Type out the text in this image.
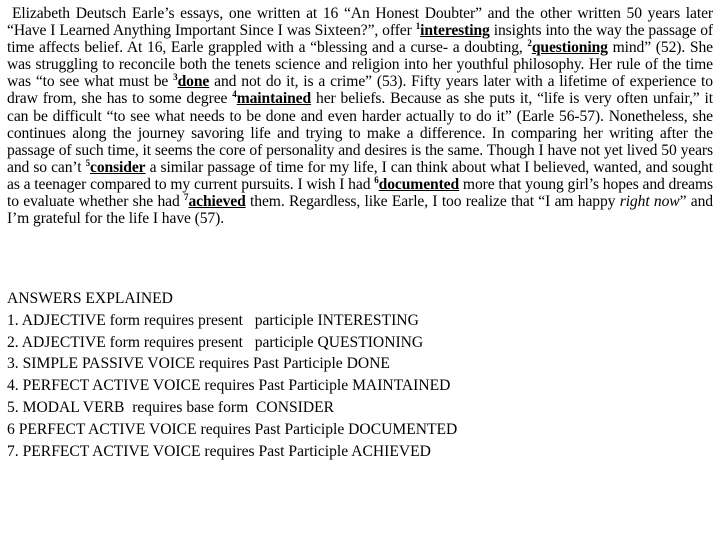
Elizabeth Deutsch Earle’s essays, one written at 16 “An Honest Doubter” and the other written 50 years later “Have I Learned Anything Important Since I was Sixteen?”, offer $^1$interesting insights into the way the passage of time affects belief. At 16, Earle grappled with a “blessing and a curse- a doubting, $^2$questioning mind” (52). She was struggling to reconcile both the tenets science and religion into her youthful philosophy. Her rule of the time was “to see what must be $^3$done and not do it, is a crime” (53). Fifty years later with a lifetime of experience to draw from, she has to some degree $^4$maintained her beliefs. Because as she puts it, “life is very often unfair,” it can be difficult “to see what needs to be done and even harder actually to do it” (Earle 56-57). Nonetheless, she continues along the journey savoring life and trying to make a difference. In comparing her writing after the passage of such time, it seems the core of personality and desires is the same. Though I have not yet lived 50 years and so can’t $^5$consider a similar passage of time for my life, I can think about what I believed, wanted, and sought as a teenager compared to my current pursuits. I wish I had $^6$documented more that young girl’s hopes and dreams to evaluate whether she had $^7$achieved them. Regardless, like Earle, I too realize that “I am happy right now” and I’m grateful for the life I have (57).

ANSWERS EXPLAINED
1. ADJECTIVE form requires present   participle INTERESTING
2. ADJECTIVE form requires present   participle QUESTIONING
3. SIMPLE PASSIVE VOICE requires Past Participle DONE
4. PERFECT ACTIVE VOICE requires Past Participle MAINTAINED
5. MODAL VERB  requires base form  CONSIDER
6 PERFECT ACTIVE VOICE requires Past Participle DOCUMENTED
7. PERFECT ACTIVE VOICE requires Past Participle ACHIEVED
